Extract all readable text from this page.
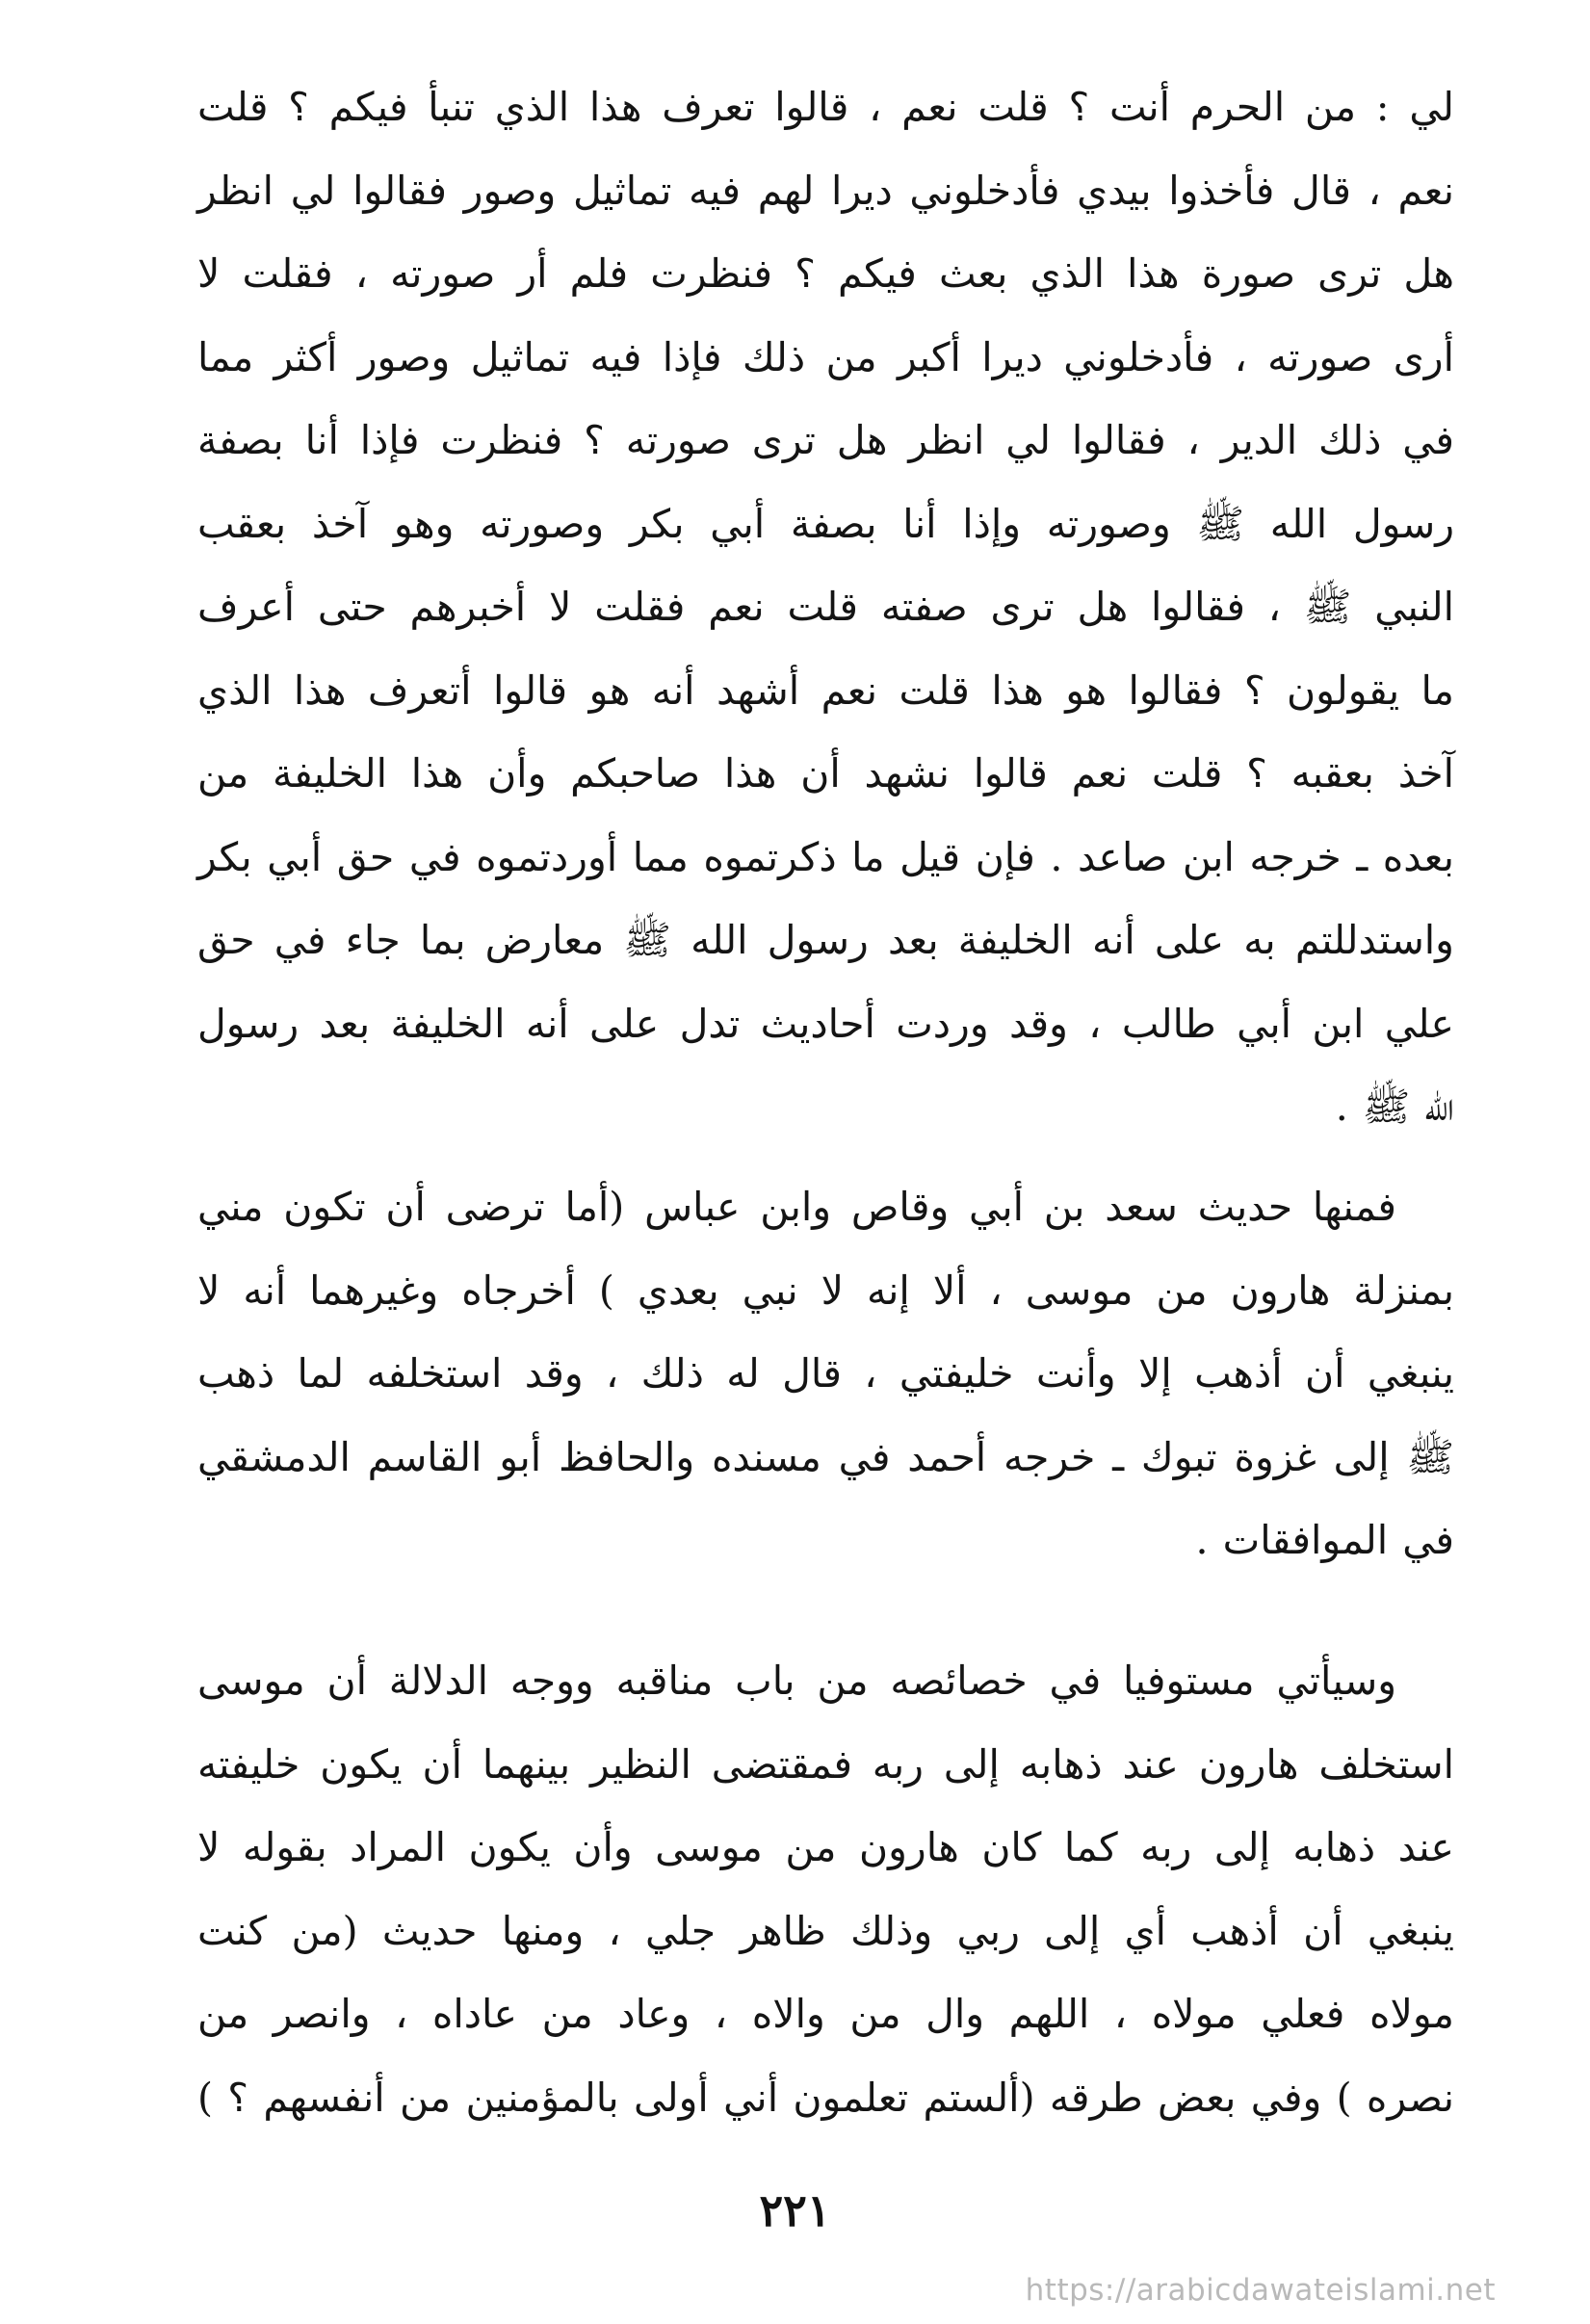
لي : من الحرم أنت ؟ قلت نعم ، قالوا تعرف هذا الذي تنبأ فيكم ؟ قلت
نعم ، قال فأخذوا بيدي فأدخلوني ديرا لهم فيه تماثيل وصور فقالوا لي انظر
هل ترى صورة هذا الذي بعث فيكم ؟ فنظرت فلم أر صورته ، فقلت لا
أرى صورته ، فأدخلوني ديرا أكبر من ذلك فإذا فيه تماثيل وصور أكثر مما
في ذلك الدير ، فقالوا لي انظر هل ترى صورته ؟ فنظرت فإذا أنا بصفة
رسول الله ﷺ وصورته وإذا أنا بصفة أبي بكر وصورته وهو آخذ بعقب
النبي ﷺ ، فقالوا هل ترى صفته قلت نعم فقلت لا أخبرهم حتى أعرف
ما يقولون ؟ فقالوا هو هذا قلت نعم أشهد أنه هو قالوا أتعرف هذا الذي
آخذ بعقبه ؟ قلت نعم قالوا نشهد أن هذا صاحبكم وأن هذا الخليفة من
بعده ـ خرجه ابن صاعد . فإن قيل ما ذكرتموه مما أوردتموه في حق أبي بكر
واستدللتم به على أنه الخليفة بعد رسول الله ﷺ معارض بما جاء في حق
علي ابن أبي طالب ، وقد وردت أحاديث تدل على أنه الخليفة بعد رسول
الله ﷺ .
فمنها حديث سعد بن أبي وقاص وابن عباس (أما ترضى أن تكون مني
بمنزلة هارون من موسى ، ألا إنه لا نبي بعدي ) أخرجاه وغيرهما أنه لا
ينبغي أن أذهب إلا وأنت خليفتي ، قال له ذلك ، وقد استخلفه لما ذهب
ﷺ إلى غزوة تبوك ـ خرجه أحمد في مسنده والحافظ أبو القاسم الدمشقي
في الموافقات .
وسيأتي مستوفيا في خصائصه من باب مناقبه ووجه الدلالة أن موسى
استخلف هارون عند ذهابه إلى ربه فمقتضى النظير بينهما أن يكون خليفته
عند ذهابه إلى ربه كما كان هارون من موسى وأن يكون المراد بقوله لا
ينبغي أن أذهب أي إلى ربي وذلك ظاهر جلي ، ومنها حديث (من كنت
مولاه فعلي مولاه ، اللهم وال من والاه ، وعاد من عاداه ، وانصر من
نصره ) وفي بعض طرقه (ألستم تعلمون أني أولى بالمؤمنين من أنفسهم ؟ )
٢٢١
https://arabicdawateislami.net
